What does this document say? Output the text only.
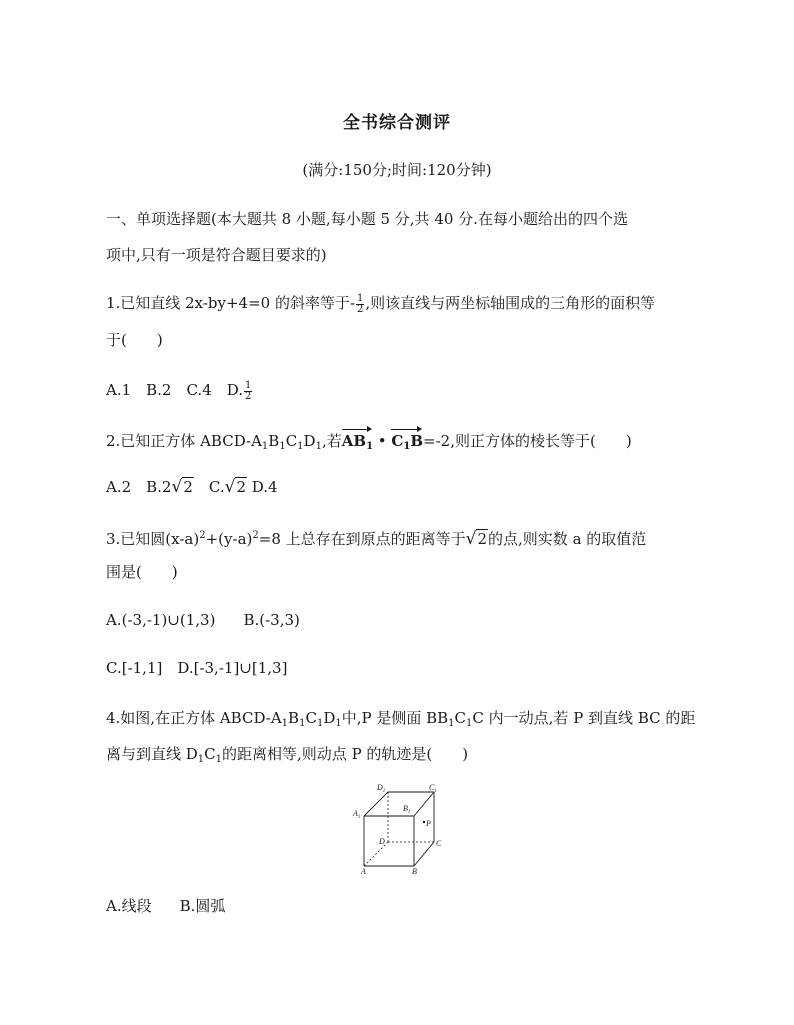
全书综合测评
(满分:150分;时间:120分钟)
一、单项选择题(本大题共 8 小题,每小题 5 分,共 40 分.在每小题给出的四个选
项中,只有一项是符合题目要求的)
1.已知直线 2x-by+4=0 的斜率等于- $\frac{1}{2}$ ,则该直线与两坐标轴围成的三角形的面积等
于(　　)
A.1　B.2　C.4　D. $\frac{1}{2}$
2.已知正方体 ABCD-$A_1B_1C_1D_1$,若$AB_1$ • $C_1B=-2$,则正方体的棱长等于(　　)
A.2　B.2√2　C.√2 D.4
3.已知圆$(x-a)^2+(y-a)^2=8$ 上总存在到原点的距离等于√2的点,则实数 a 的取值范
围是(　　)
A.(-3,-1)∪(1,3) B.(-3,3)
C.[-1,1]　D.[-3,-1]∪[1,3]
4.如图,在正方体 ABCD-$A_1B_1C_1D_1$中,P 是侧面 $BB_1C_1C$ 内一动点,若 P 到直线 BC 的距
离与到直线 $D_1C_1$的距离相等,则动点 P 的轨迹是(　　)
$D_1$	$C_1$
$A_1$
$B_1$
P
D	C
A	B
A.线段 B.圆弧
